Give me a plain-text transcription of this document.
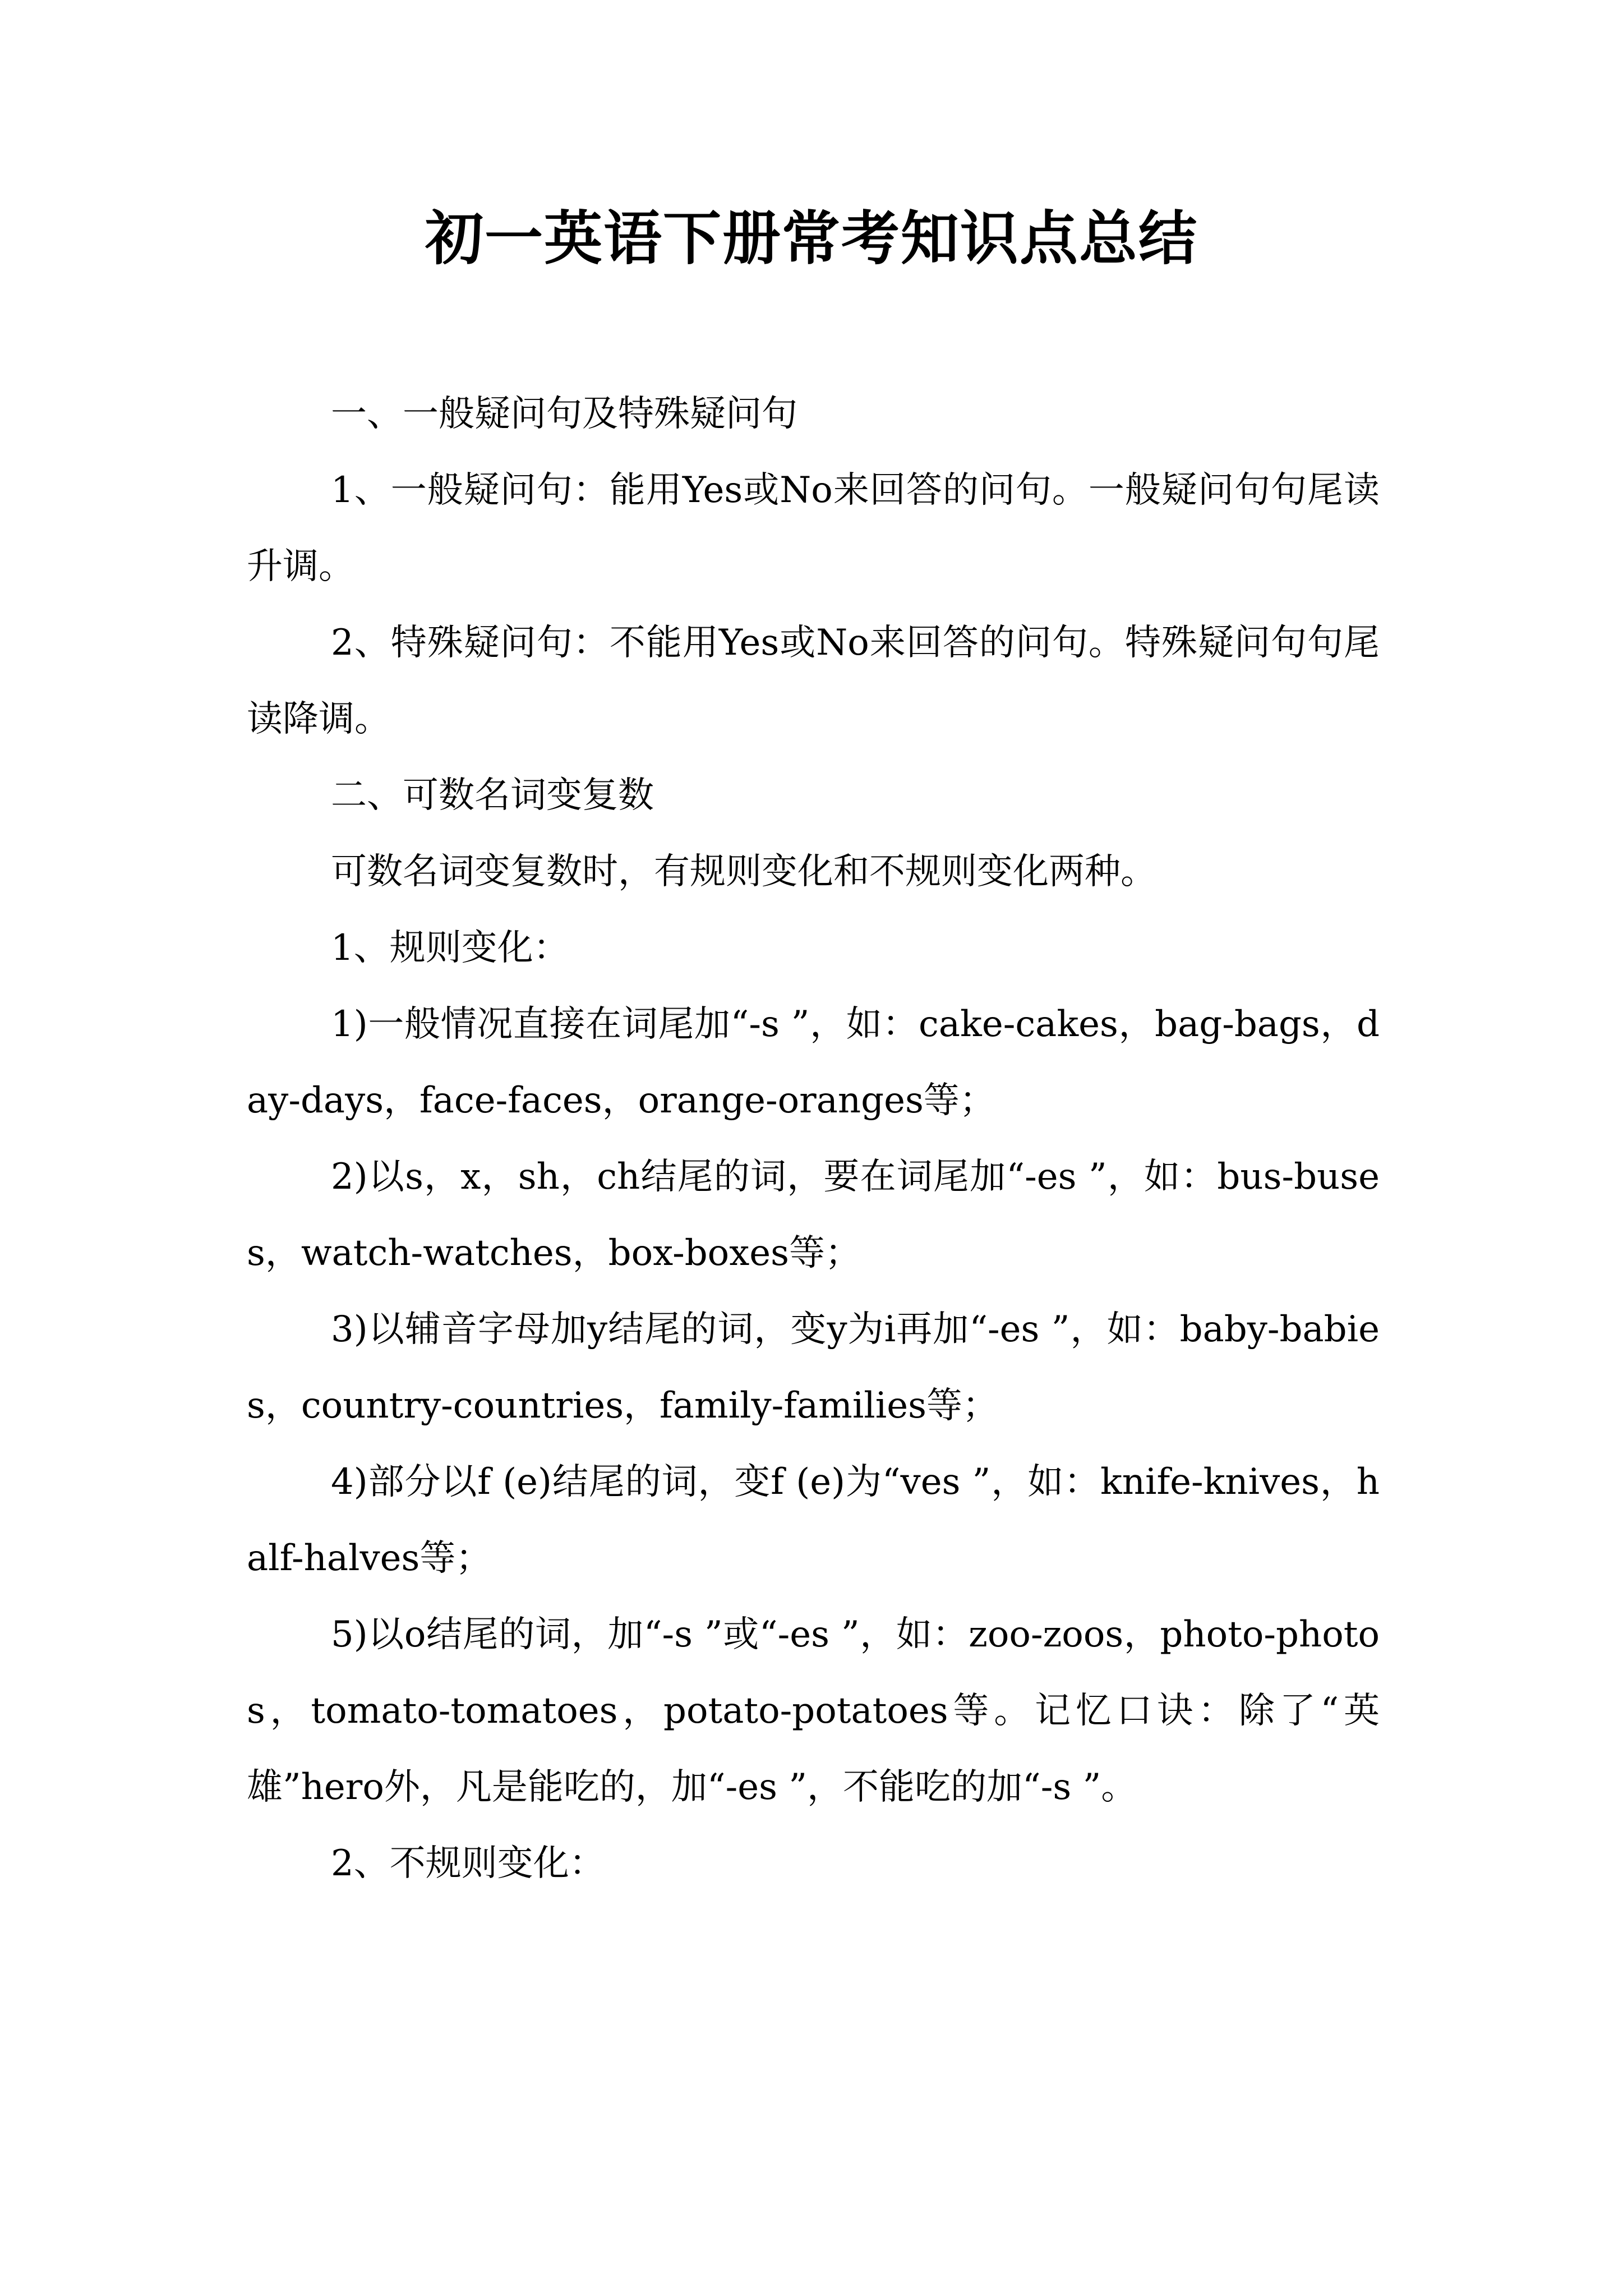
初一英语下册常考知识点总结

一、一般疑问句及特殊疑问句

1、一般疑问句：能用Yes或No来回答的问句。一般疑问句句尾读升调。

2、特殊疑问句：不能用Yes或No来回答的问句。特殊疑问句句尾读降调。

二、可数名词变复数

可数名词变复数时，有规则变化和不规则变化两种。

1、规则变化：

1)一般情况直接在词尾加“-s ”，如：cake-cakes，bag-bags，day-days，face-faces，orange-oranges等；

2)以s，x，sh，ch结尾的词，要在词尾加“-es ”，如：bus-buses，watch-watches，box-boxes等；

3)以辅音字母加y结尾的词，变y为i再加“-es ”，如：baby-babies，country-countries，family-families等；

4)部分以f (e)结尾的词，变f (e)为“ves ”，如：knife-knives，half-halves等；

5)以o结尾的词，加“-s ”或“-es ”，如：zoo-zoos，photo-photos，tomato-tomatoes，potato-potatoes等。记忆口诀：除了“英雄”hero外，凡是能吃的，加“-es ”，不能吃的加“-s ”。

2、不规则变化：
